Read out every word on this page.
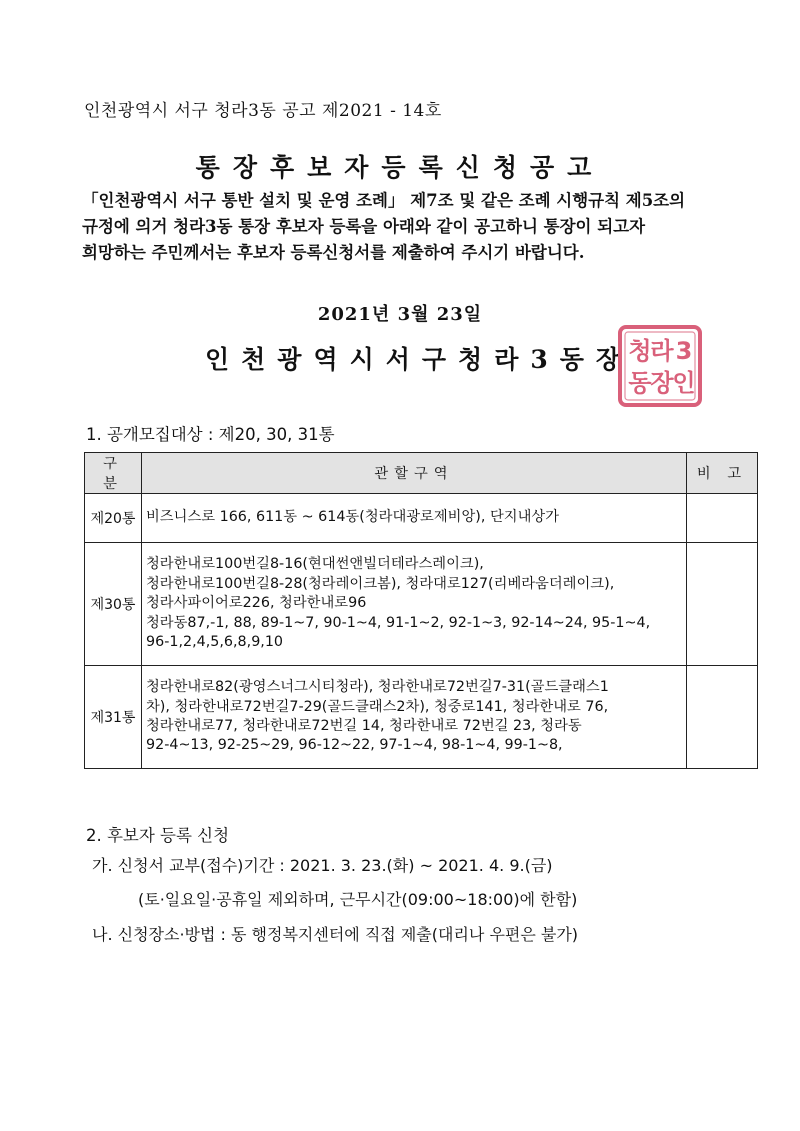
인천광역시 서구 청라3동 공고 제2021 - 14호
통장후보자등록신청공고

「인천광역시 서구 통반 설치 및 운영 조례」 제7조 및 같은 조례 시행규칙 제5조의

규정에 의거 청라3동 통장 후보자 등록을 아래와 같이 공고하니 통장이 되고자

희망하는 주민께서는 후보자 등록신청서를 제출하여 주시기 바랍니다.

2021년 3월 23일
인천광역시서구청라3동장
청
라 3
동
장
인
1. 공개모집대상 : 제20, 30, 31통
구 분	관할구역	비 고
제20통	비즈니스로 166, 611동 ~ 614동(청라대광로제비앙), 단지내상가	

제30통	청라한내로100번길8-16(현대썬앤빌더테라스레이크),
청라한내로100번길8-28(청라레이크봄), 청라대로127(리베라움더레이크),
청라사파이어로226, 청라한내로96
청라동87,-1, 88, 89-1~7, 90-1~4, 91-1~2, 92-1~3, 92-14~24, 95-1~4,
96-1,2,4,5,6,8,9,10	

제31통	청라한내로82(광영스너그시티청라), 청라한내로72번길7-31(골드클래스1
차), 청라한내로72번길7-29(골드클래스2차), 청중로141, 청라한내로 76,
청라한내로77, 청라한내로72번길 14, 청라한내로 72번길 23, 청라동
92-4~13, 92-25~29, 96-12~22, 97-1~4, 98-1~4, 99-1~8,	

2. 후보자 등록 신청
가. 신청서 교부(접수)기간 : 2021. 3. 23.(화) ~ 2021. 4. 9.(금)
(토·일요일·공휴일 제외하며, 근무시간(09:00~18:00)에 한함)
나. 신청장소·방법 : 동 행정복지센터에 직접 제출(대리나 우편은 불가)
